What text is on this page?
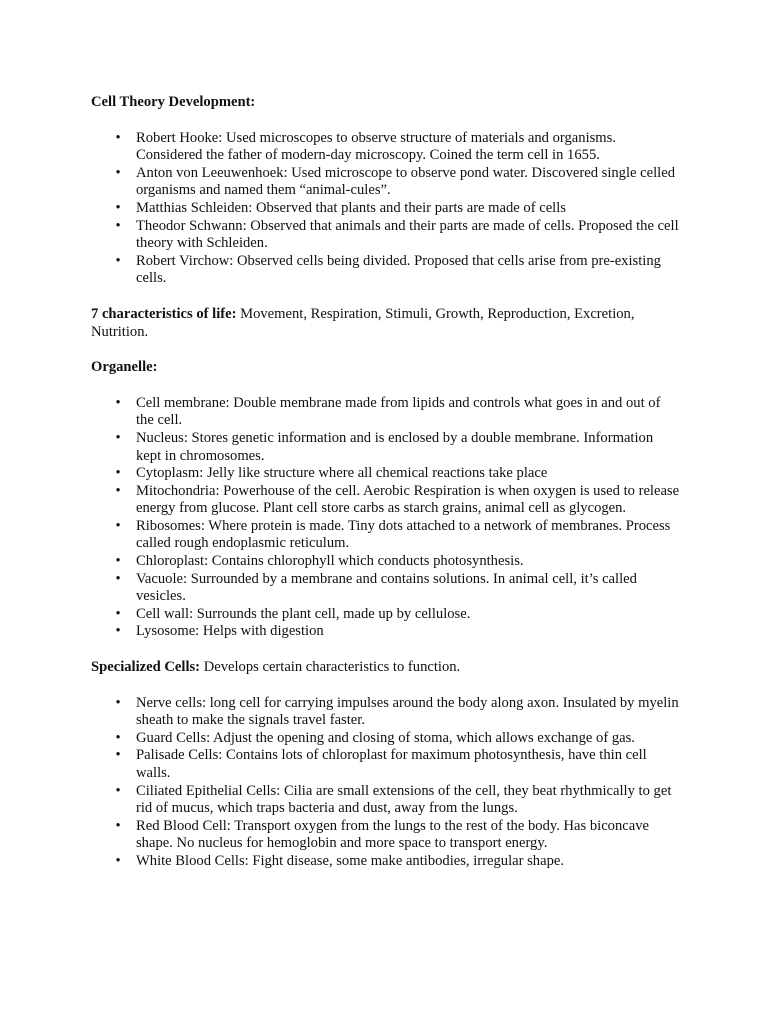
Cell Theory Development:

• Robert Hooke: Used microscopes to observe structure of materials and organisms. Considered the father of modern-day microscopy. Coined the term cell in 1655.
• Anton von Leeuwenhoek: Used microscope to observe pond water. Discovered single celled organisms and named them “animal-cules”.
• Matthias Schleiden: Observed that plants and their parts are made of cells
• Theodor Schwann: Observed that animals and their parts are made of cells. Proposed the cell theory with Schleiden.
• Robert Virchow: Observed cells being divided. Proposed that cells arise from pre-existing cells.

7 characteristics of life: Movement, Respiration, Stimuli, Growth, Reproduction, Excretion, Nutrition.

Organelle:

• Cell membrane: Double membrane made from lipids and controls what goes in and out of the cell.
• Nucleus: Stores genetic information and is enclosed by a double membrane. Information kept in chromosomes.
• Cytoplasm: Jelly like structure where all chemical reactions take place
• Mitochondria: Powerhouse of the cell. Aerobic Respiration is when oxygen is used to release energy from glucose. Plant cell store carbs as starch grains, animal cell as glycogen.
• Ribosomes: Where protein is made. Tiny dots attached to a network of membranes. Process called rough endoplasmic reticulum.
• Chloroplast: Contains chlorophyll which conducts photosynthesis.
• Vacuole: Surrounded by a membrane and contains solutions. In animal cell, it’s called vesicles.
• Cell wall: Surrounds the plant cell, made up by cellulose.
• Lysosome: Helps with digestion

Specialized Cells: Develops certain characteristics to function.

• Nerve cells: long cell for carrying impulses around the body along axon. Insulated by myelin sheath to make the signals travel faster.
• Guard Cells: Adjust the opening and closing of stoma, which allows exchange of gas.
• Palisade Cells: Contains lots of chloroplast for maximum photosynthesis, have thin cell walls.
• Ciliated Epithelial Cells: Cilia are small extensions of the cell, they beat rhythmically to get rid of mucus, which traps bacteria and dust, away from the lungs.
• Red Blood Cell: Transport oxygen from the lungs to the rest of the body. Has biconcave shape. No nucleus for hemoglobin and more space to transport energy.
• White Blood Cells: Fight disease, some make antibodies, irregular shape.
